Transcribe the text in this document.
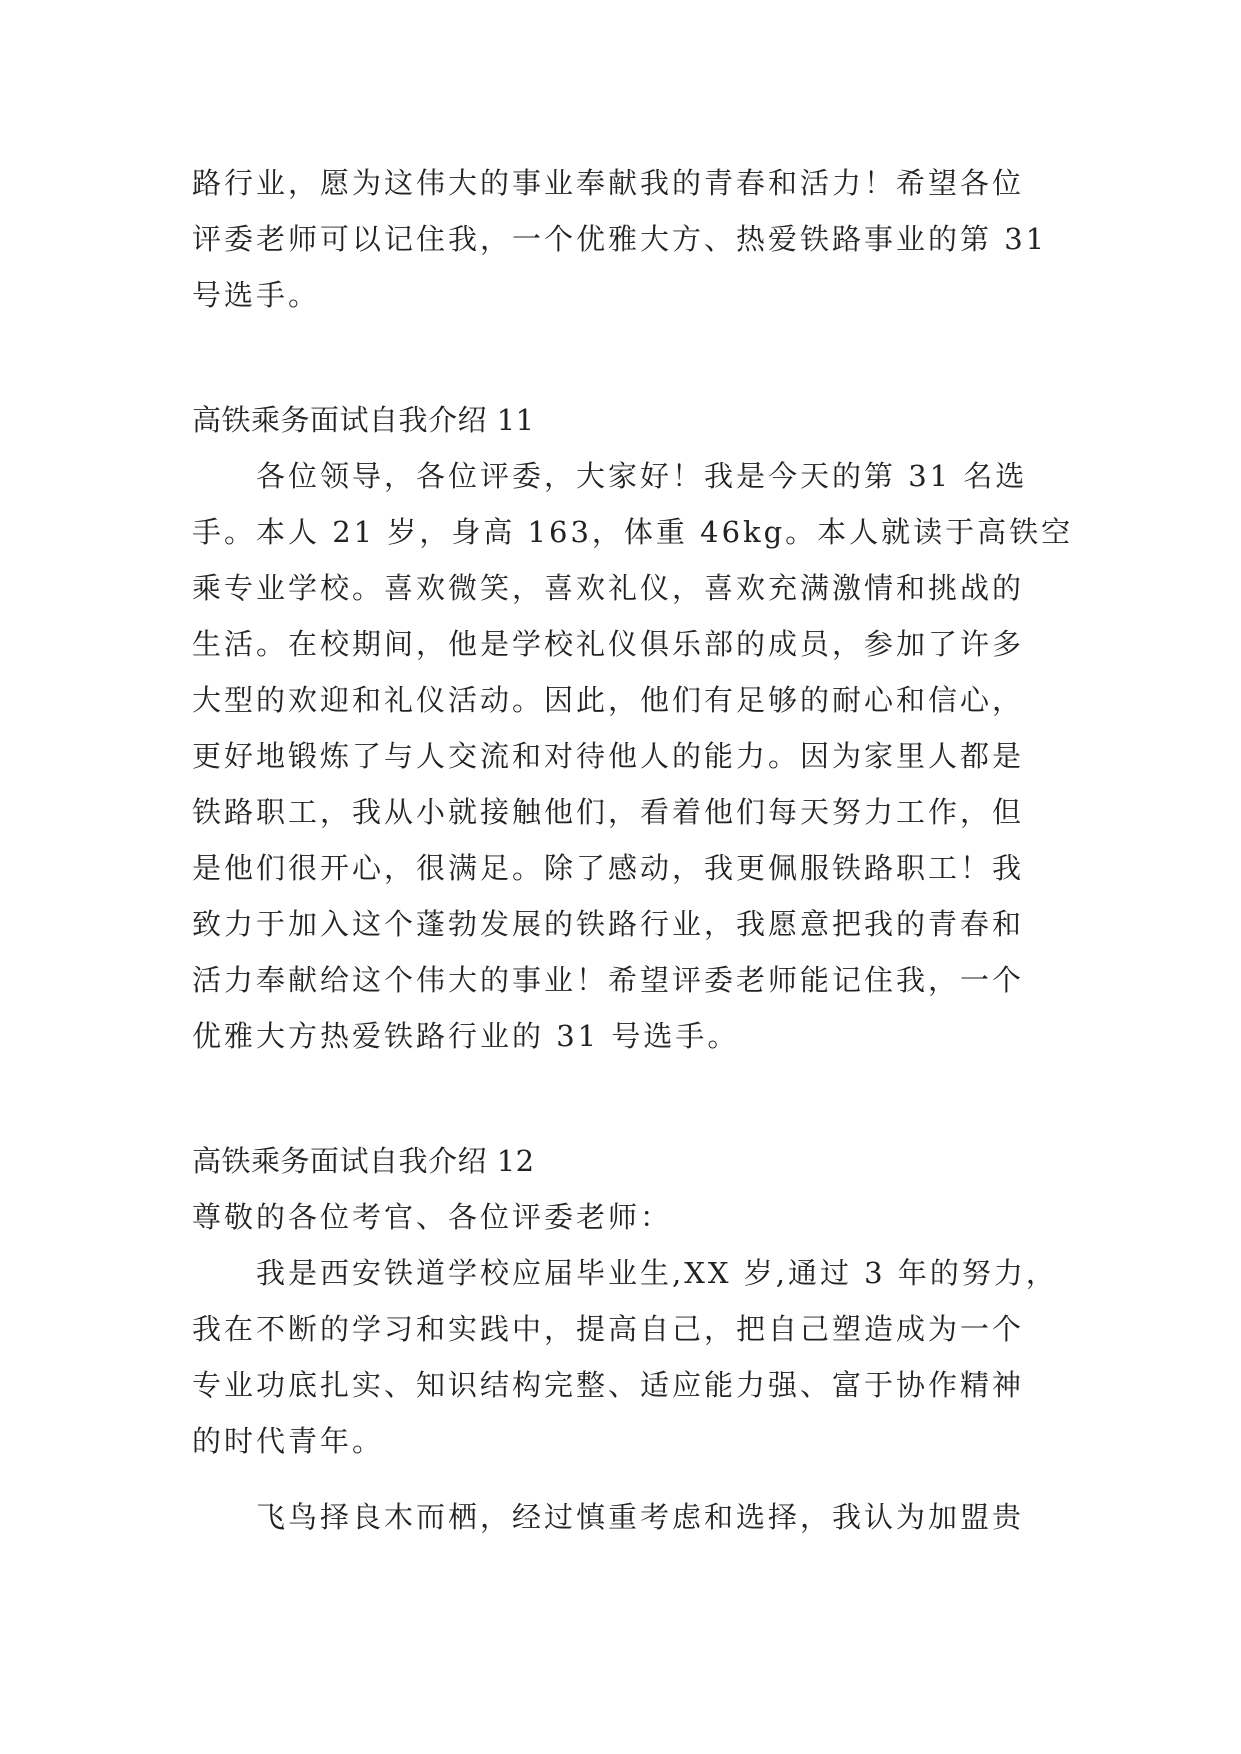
路行业，愿为这伟大的事业奉献我的青春和活力！希望各位
评委老师可以记住我，一个优雅大方、热爱铁路事业的第 31
号选手。
高铁乘务面试自我介绍 11
各位领导，各位评委，大家好！我是今天的第 31 名选
手。本人 21 岁，身高 163，体重 46kg。本人就读于高铁空
乘专业学校。喜欢微笑，喜欢礼仪，喜欢充满激情和挑战的
生活。在校期间，他是学校礼仪俱乐部的成员，参加了许多
大型的欢迎和礼仪活动。因此，他们有足够的耐心和信心，
更好地锻炼了与人交流和对待他人的能力。因为家里人都是
铁路职工，我从小就接触他们，看着他们每天努力工作，但
是他们很开心，很满足。除了感动，我更佩服铁路职工！我
致力于加入这个蓬勃发展的铁路行业，我愿意把我的青春和
活力奉献给这个伟大的事业！希望评委老师能记住我，一个
优雅大方热爱铁路行业的 31 号选手。
高铁乘务面试自我介绍 12
尊敬的各位考官、各位评委老师：
我是西安铁道学校应届毕业生,XX 岁,通过 3 年的努力，
我在不断的学习和实践中，提高自己，把自己塑造成为一个
专业功底扎实、知识结构完整、适应能力强、富于协作精神
的时代青年。
飞鸟择良木而栖，经过慎重考虑和选择，我认为加盟贵
